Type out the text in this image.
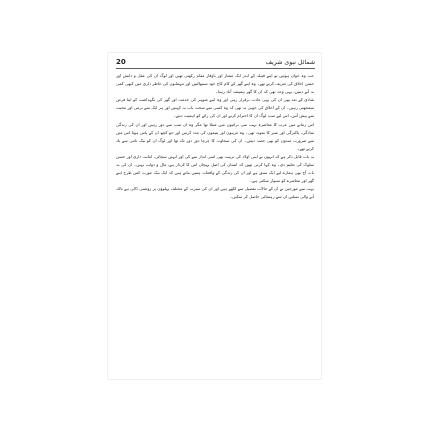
20	شمائل نبوی شریف

جب وہ جوان ہوئیں تو اپنے قبیلہ کے اندر ایک ممتاز اور باوقار مقام رکھتی تھیں اور لوگ ان کی عقل و دانش اور حسن اخلاق کی تعریف کرتے تھے۔ وہ اپنے گھر کے کام کاج خود سنبھالتیں اور مہمانوں کی خاطر داری میں کبھی کمی نہ آنے دیتیں، یہی وجہ تھی کہ ان کا گھر ہمیشہ آباد رہتا۔

شادی کے بعد بھی ان کی یہی عادت برقرار رہی اور وہ اپنے شوہر کی خدمت اور گھر کی نگہداشت کو اپنا فرض سمجھتی رہیں۔ ان کے اخلاق کی خوبی یہ تھی کہ وہ کسی سے سخت بات نہ کہتیں اور ہر ایک سے نرمی اور محبت سے پیش آتیں، اس لیے سب لوگ ان کا احترام کرتے اور ان کی رائے کو اہمیت دیتے۔

اس زمانے میں عرب کا معاشرہ بہت سی برائیوں میں مبتلا تھا مگر وہ ان سب سے دور رہیں اور ان کی زندگی سادگی، پاکیزگی اور صبر کا نمونہ تھی۔ وہ غریبوں اور یتیموں کی مدد کرتیں اور جو کچھ ان کے پاس ہوتا اس میں سے ضرورت مندوں کو بھی حصہ دیتیں۔ ان کی سخاوت کا چرچا دور دور تک تھا اور لوگ ان کو نیک نامی سے یاد کرتے تھے۔

یہ بات قابل ذکر ہے کہ انہوں نے اپنی اولاد کی تربیت بھی اسی انداز سے کی اور انہیں سچائی، امانت داری اور حسن سلوک کی تعلیم دی۔ وہ کہا کرتی تھیں کہ انسان کی اصل پہچان اس کا کردار ہے، مال و دولت نہیں۔ ان کی یہ بات آج بھی ہمارے لیے ایک سبق ہے اور ان کی زندگی کے واقعات ہمیں بتاتے ہیں کہ ایک نیک عورت کس طرح اپنے گھر اور معاشرے کو سنوار سکتی ہے۔

بہت سے مورخین نے ان کے حالات تفصیل سے لکھے ہیں اور ان کی سیرت کے مختلف پہلوؤں پر روشنی ڈالی ہے تاکہ آنے والی نسلیں ان سے رہنمائی حاصل کر سکیں۔
